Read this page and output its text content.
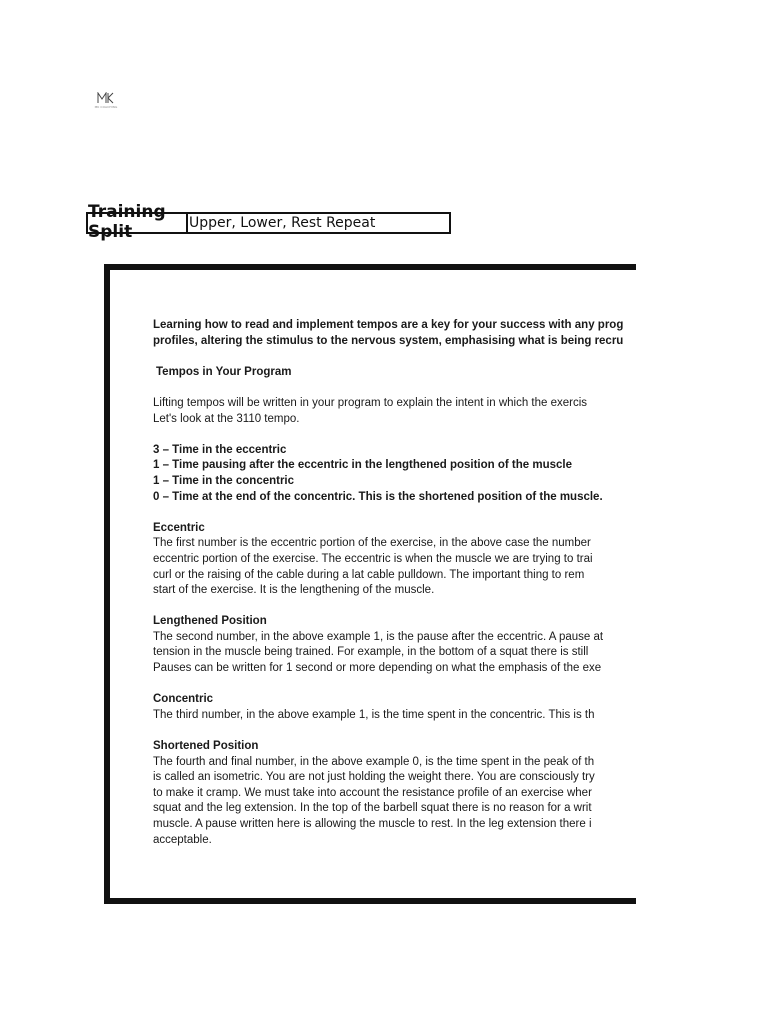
MK COACHING
Training Split	Upper, Lower, Rest Repeat

Learning how to read and implement tempos are a key for your success with any prog

profiles, altering the stimulus to the nervous system, emphasising what is being recru

Tempos in Your Program

Lifting tempos will be written in your program to explain the intent in which the exercis

Let's look at the 3110 tempo.

3 – Time in the eccentric

1 – Time pausing after the eccentric in the lengthened position of the muscle

1 – Time in the concentric

0 – Time at the end of the concentric. This is the shortened position of the muscle.

Eccentric

The first number is the eccentric portion of the exercise, in the above case the number

eccentric portion of the exercise. The eccentric is when the muscle we are trying to trai

curl or the raising of the cable during a lat cable pulldown. The important thing to rem

start of the exercise. It is the lengthening of the muscle.

Lengthened Position

The second number, in the above example 1, is the pause after the eccentric. A pause at

tension in the muscle being trained. For example, in the bottom of a squat there is still

Pauses can be written for 1 second or more depending on what the emphasis of the exe

Concentric

The third number, in the above example 1, is the time spent in the concentric. This is th

Shortened Position

The fourth and final number, in the above example 0, is the time spent in the peak of th

is called an isometric. You are not just holding the weight there. You are consciously try

to make it cramp. We must take into account the resistance profile of an exercise wher

squat and the leg extension. In the top of the barbell squat there is no reason for a writ

muscle. A pause written here is allowing the muscle to rest. In the leg extension there i

acceptable.
